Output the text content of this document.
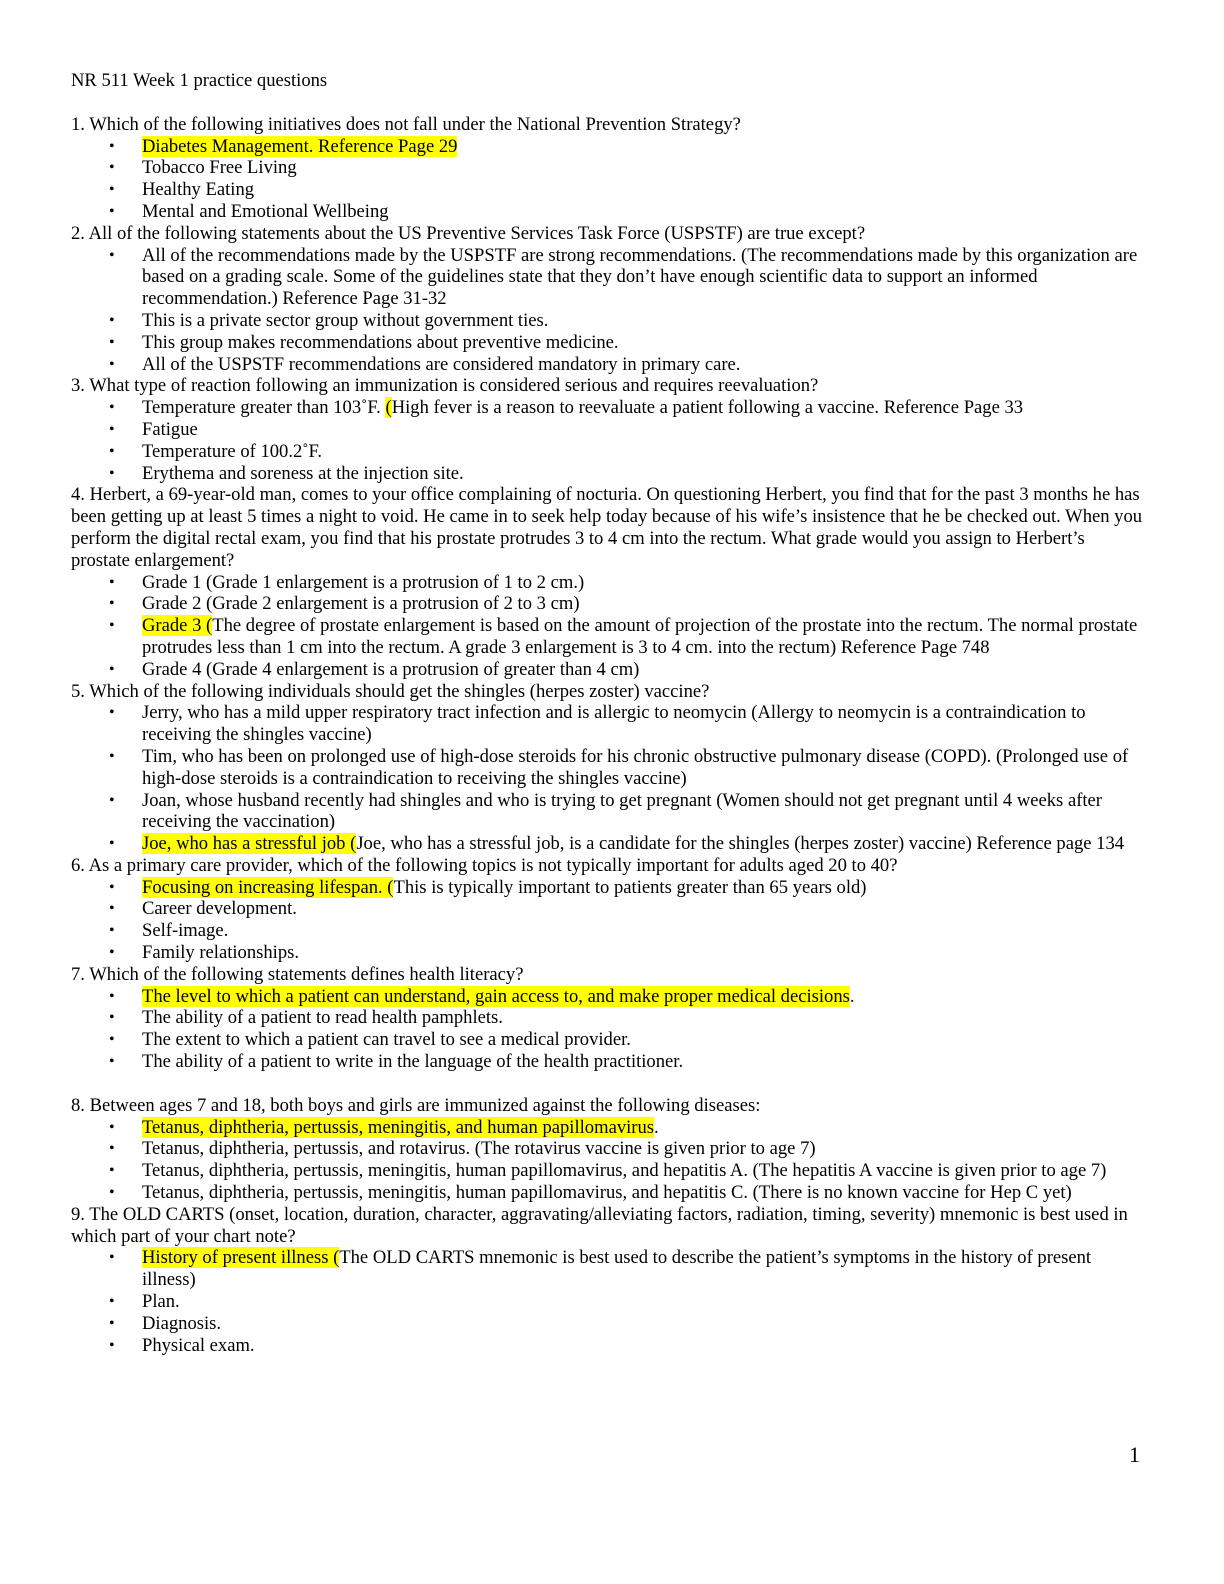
NR 511 Week 1 practice questions

1. Which of the following initiatives does not fall under the National Prevention Strategy?

• Diabetes Management. Reference Page 29
• Tobacco Free Living
• Healthy Eating
• Mental and Emotional Wellbeing

2. All of the following statements about the US Preventive Services Task Force (USPSTF) are true except?

• All of the recommendations made by the USPSTF are strong recommendations. (The recommendations made by this organization are based on a grading scale. Some of the guidelines state that they don’t have enough scientific data to support an informed recommendation.) Reference Page 31-32
• This is a private sector group without government ties.
• This group makes recommendations about preventive medicine.
• All of the USPSTF recommendations are considered mandatory in primary care.

3. What type of reaction following an immunization is considered serious and requires reevaluation?

• Temperature greater than 103˚F. (High fever is a reason to reevaluate a patient following a vaccine. Reference Page 33
• Fatigue
• Temperature of 100.2˚F.
• Erythema and soreness at the injection site.

4. Herbert, a 69-year-old man, comes to your office complaining of nocturia. On questioning Herbert, you find that for the past 3 months he has been getting up at least 5 times a night to void. He came in to seek help today because of his wife’s insistence that he be checked out. When you perform the digital rectal exam, you find that his prostate protrudes 3 to 4 cm into the rectum. What grade would you assign to Herbert’s prostate enlargement?

• Grade 1 (Grade 1 enlargement is a protrusion of 1 to 2 cm.)
• Grade 2 (Grade 2 enlargement is a protrusion of 2 to 3 cm)
• Grade 3 (The degree of prostate enlargement is based on the amount of projection of the prostate into the rectum. The normal prostate protrudes less than 1 cm into the rectum. A grade 3 enlargement is 3 to 4 cm. into the rectum) Reference Page 748
• Grade 4 (Grade 4 enlargement is a protrusion of greater than 4 cm)

5. Which of the following individuals should get the shingles (herpes zoster) vaccine?

• Jerry, who has a mild upper respiratory tract infection and is allergic to neomycin (Allergy to neomycin is a contraindication to receiving the shingles vaccine)
• Tim, who has been on prolonged use of high-dose steroids for his chronic obstructive pulmonary disease (COPD). (Prolonged use of high-dose steroids is a contraindication to receiving the shingles vaccine)
• Joan, whose husband recently had shingles and who is trying to get pregnant (Women should not get pregnant until 4 weeks after receiving the vaccination)
• Joe, who has a stressful job (Joe, who has a stressful job, is a candidate for the shingles (herpes zoster) vaccine) Reference page 134

6. As a primary care provider, which of the following topics is not typically important for adults aged 20 to 40?

• Focusing on increasing lifespan. (This is typically important to patients greater than 65 years old)
• Career development.
• Self-image.
• Family relationships.

7. Which of the following statements defines health literacy?

• The level to which a patient can understand, gain access to, and make proper medical decisions.
• The ability of a patient to read health pamphlets.
• The extent to which a patient can travel to see a medical provider.
• The ability of a patient to write in the language of the health practitioner.

8. Between ages 7 and 18, both boys and girls are immunized against the following diseases:

• Tetanus, diphtheria, pertussis, meningitis, and human papillomavirus.
• Tetanus, diphtheria, pertussis, and rotavirus. (The rotavirus vaccine is given prior to age 7)
• Tetanus, diphtheria, pertussis, meningitis, human papillomavirus, and hepatitis A. (The hepatitis A vaccine is given prior to age 7)
• Tetanus, diphtheria, pertussis, meningitis, human papillomavirus, and hepatitis C. (There is no known vaccine for Hep C yet)

9. The OLD CARTS (onset, location, duration, character, aggravating/alleviating factors, radiation, timing, severity) mnemonic is best used in which part of your chart note?

• History of present illness (The OLD CARTS mnemonic is best used to describe the patient’s symptoms in the history of present illness)
• Plan.
• Diagnosis.
• Physical exam.
1
